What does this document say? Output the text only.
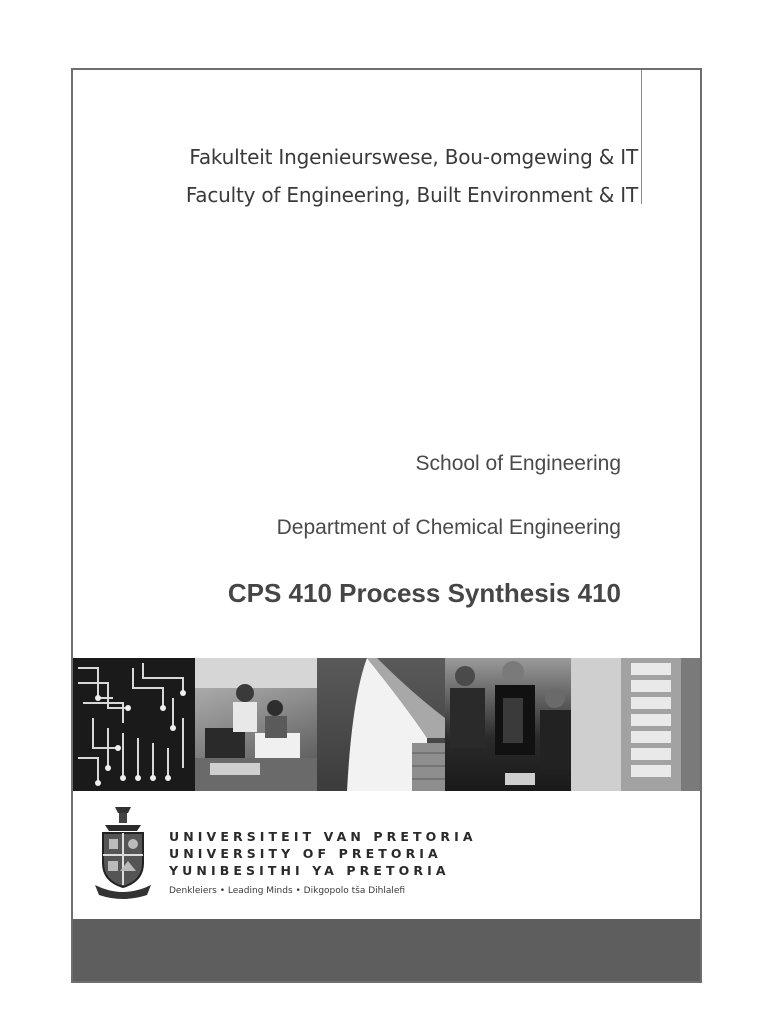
Fakulteit Ingenieurswese, Bou-omgewing & IT
Faculty of Engineering, Built Environment & IT
School of Engineering
Department of Chemical Engineering
CPS 410 Process Synthesis 410
UNIVERSITEIT VAN PRETORIA
UNIVERSITY OF PRETORIA
YUNIBESITHI YA PRETORIA
Denkleiers • Leading Minds • Dikgopolo tša Dihlalefi
